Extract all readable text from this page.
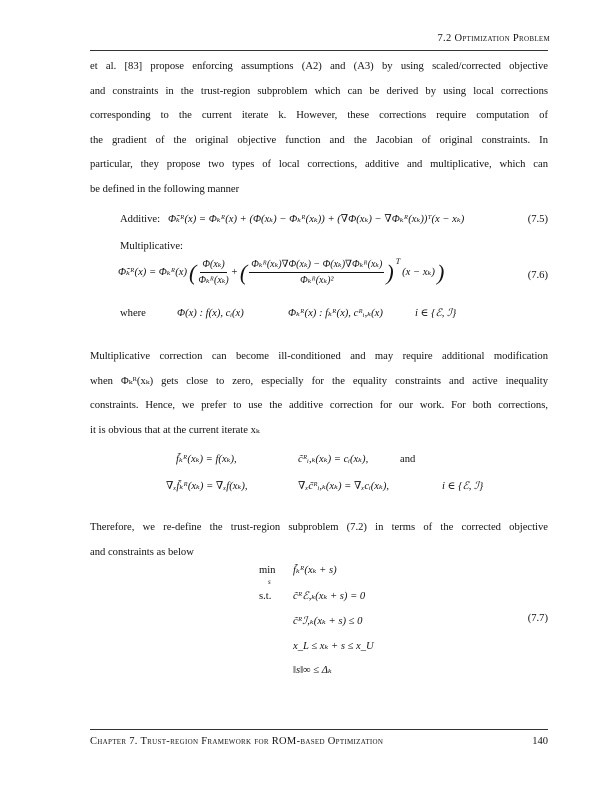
7.2 Optimization Problem
et al. [83] propose enforcing assumptions (A2) and (A3) by using scaled/corrected objective
and constraints in the trust-region subproblem which can be derived by using local corrections
corresponding to the current iterate k. However, these corrections require computation of
the gradient of the original objective function and the Jacobian of original constraints. In
particular, they propose two types of local corrections, additive and multiplicative, which can
be defined in the following manner
Additive: Φ̃ₖᴿ(x) = Φₖᴿ(x) + (Φ(xₖ) − Φₖᴿ(xₖ)) + (∇Φ(xₖ) − ∇Φₖᴿ(xₖ))ᵀ(x − xₖ)	(7.5)
Multiplicative:
Φ̃ₖᴿ(x) = Φₖᴿ(x) ( $\frac{\text{Φ(xₖ)}}{\text{Φₖᴿ(xₖ)}}$ + ( $\frac{\text{Φₖᴿ(xₖ)∇Φ(xₖ) − Φ(xₖ)∇Φₖᴿ(xₖ)}}{\text{Φₖᴿ(xₖ)²}}$ ) $^T$
(x − xₖ) )	(7.6)
where	Φ(x) : f(x), cᵢ(x)	Φₖᴿ(x) : fₖᴿ(x), cᴿᵢ,ₖ(x)	i ∈ {ℰ, ℐ}
Multiplicative correction can become ill-conditioned and may require additional modification
when Φₖᴿ(xₖ) gets close to zero, especially for the equality constraints and active inequality
constraints. Hence, we prefer to use the additive correction for our work. For both corrections,
it is obvious that at the current iterate xₖ
f̃ₖᴿ(xₖ) = f(xₖ),	c̃ᴿᵢ,ₖ(xₖ) = cᵢ(xₖ),	and
∇ₓf̃ₖᴿ(xₖ) = ∇ₓf(xₖ),	∇ₓc̃ᴿᵢ,ₖ(xₖ) = ∇ₓcᵢ(xₖ),	i ∈ {ℰ, ℐ}
Therefore, we re-define the trust-region subproblem (7.2) in terms of the corrected objective
and constraints as below
min
s
f̃ₖᴿ(xₖ + s)
s.t. c̃ᴿℰ,ₖ(xₖ + s) = 0
c̃ᴿℐ,ₖ(xₖ + s) ≤ 0
x_L ≤ xₖ + s ≤ x_U
‖s‖∞ ≤ Δₖ
(7.7)
Chapter 7. Trust-region Framework for ROM-based Optimization	140
